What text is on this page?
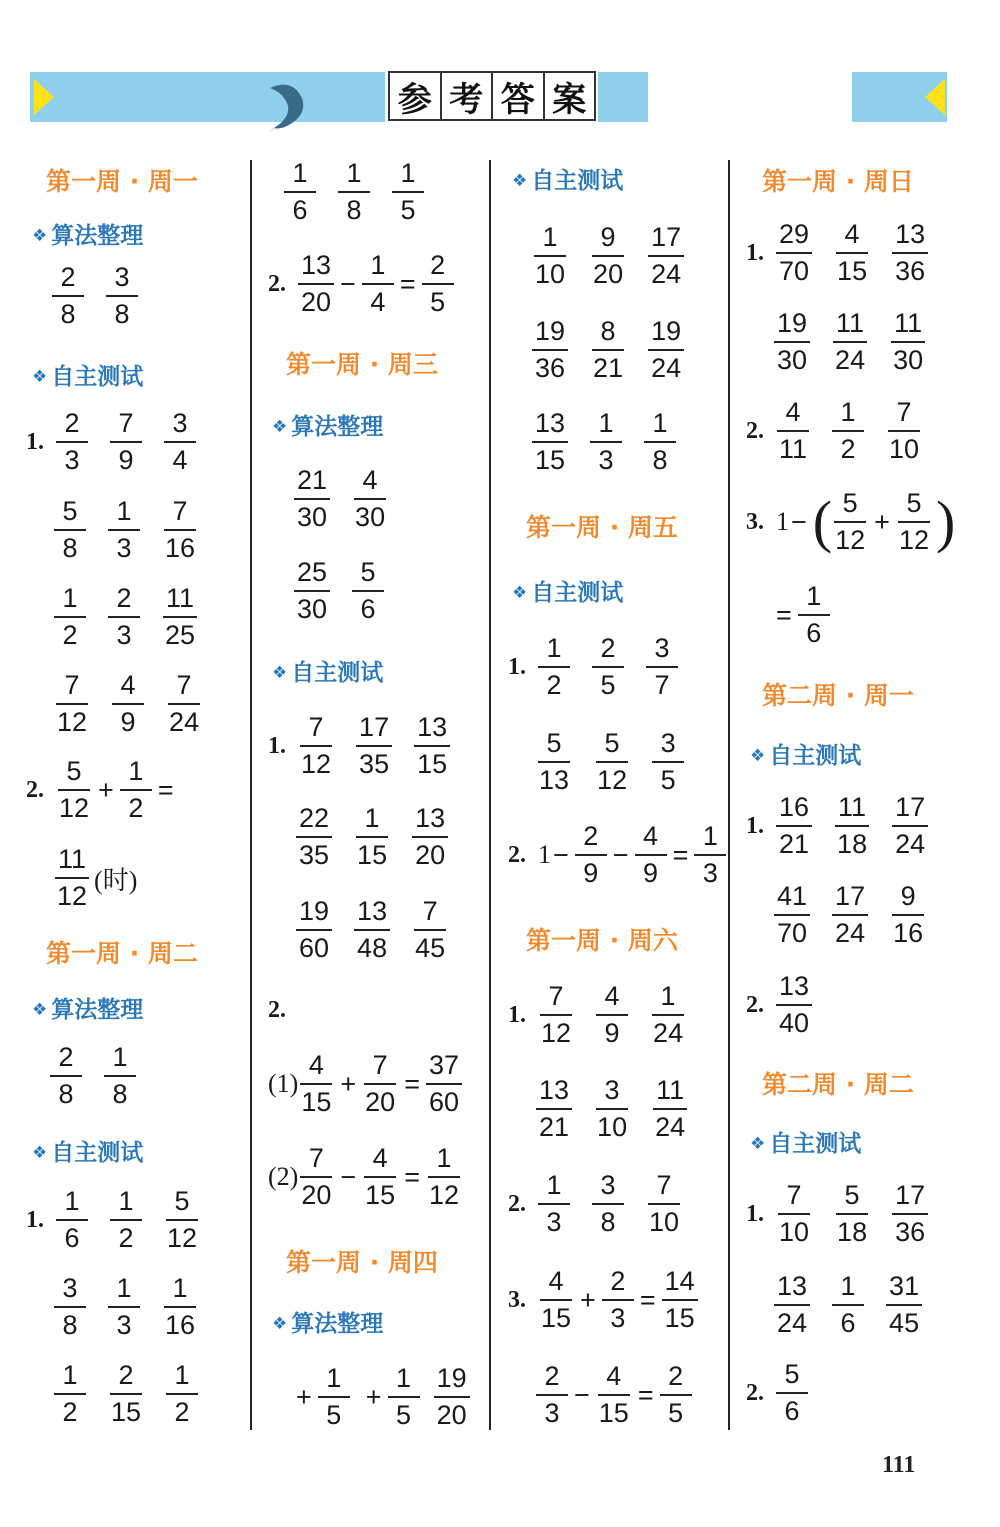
参 考 答 案
第一周 · 周一
❖ 算法整理
$\frac{2}{8} \frac{3}{8}$
❖ 自主测试
1. $\frac{2}{3} \frac{7}{9} \frac{3}{4}$
$\frac{5}{8} \frac{1}{3} \frac{7}{16}$
$\frac{1}{2} \frac{2}{3} \frac{11}{25}$
$\frac{7}{12} \frac{4}{9} \frac{7}{24}$
2. $\frac{5}{12} + \frac{1}{2}$ =
$\frac{11}{12}$ (时)
第一周 · 周二
❖ 算法整理
$\frac{2}{8} \frac{1}{8}$
❖ 自主测试
1. $\frac{1}{6} \frac{1}{2} \frac{5}{12}$
$\frac{3}{8} \frac{1}{3} \frac{1}{16}$
$\frac{1}{2} \frac{2}{15} \frac{1}{2}$
$\frac{1}{6} \frac{1}{8} \frac{1}{5}$
2. $\frac{13}{20} - \frac{1}{4} = \frac{2}{5}$
第一周 · 周三
❖ 算法整理
$\frac{21}{30} \frac{4}{30}$
$\frac{25}{30} \frac{5}{6}$
❖ 自主测试
1. $\frac{7}{12} \frac{17}{35} \frac{13}{15}$
$\frac{22}{35} \frac{1}{15} \frac{13}{20}$
$\frac{19}{60} \frac{13}{48} \frac{7}{45}$
2.
$(1) \frac{4}{15} + \frac{7}{20} = \frac{37}{60}$
$(2) \frac{7}{20} - \frac{4}{15} = \frac{1}{12}$
第一周 · 周四
❖ 算法整理
+ $\frac{1}{5} + \frac{1}{5} \frac{19}{20}$
❖ 自主测试
$\frac{1}{10} \frac{9}{20} \frac{17}{24}$
$\frac{19}{36} \frac{8}{21} \frac{19}{24}$
$\frac{13}{15} \frac{1}{3} \frac{1}{8}$
第一周 · 周五
❖ 自主测试
1. $\frac{1}{2} \frac{2}{5} \frac{3}{7}$
$\frac{5}{13} \frac{5}{12} \frac{3}{5}$
2. $1 - \frac{2}{9} - \frac{4}{9} = \frac{1}{3}$
第一周 · 周六
1. $\frac{7}{12} \frac{4}{9} \frac{1}{24}$
$\frac{13}{21} \frac{3}{10} \frac{11}{24}$
2. $\frac{1}{3} \frac{3}{8} \frac{7}{10}$
3. $\frac{4}{15} + \frac{2}{3} = \frac{14}{15}$
$\frac{2}{3} - \frac{4}{15} = \frac{2}{5}$
第一周 · 周日
1. $\frac{29}{70} \frac{4}{15} \frac{13}{36}$
$\frac{19}{30} \frac{11}{24} \frac{11}{30}$
2. $\frac{4}{11} \frac{1}{2} \frac{7}{10}$
3. 1 − ( $\frac{5}{12} + \frac{5}{12}$ )
= $\frac{1}{6}$
第二周 · 周一
❖ 自主测试
1. $\frac{16}{21} \frac{11}{18} \frac{17}{24}$
$\frac{41}{70} \frac{17}{24} \frac{9}{16}$
2. $\frac{13}{40}$
第二周 · 周二
❖ 自主测试
1. $\frac{7}{10} \frac{5}{18} \frac{17}{36}$
$\frac{13}{24} \frac{1}{6} \frac{31}{45}$
2. $\frac{5}{6}$
111
